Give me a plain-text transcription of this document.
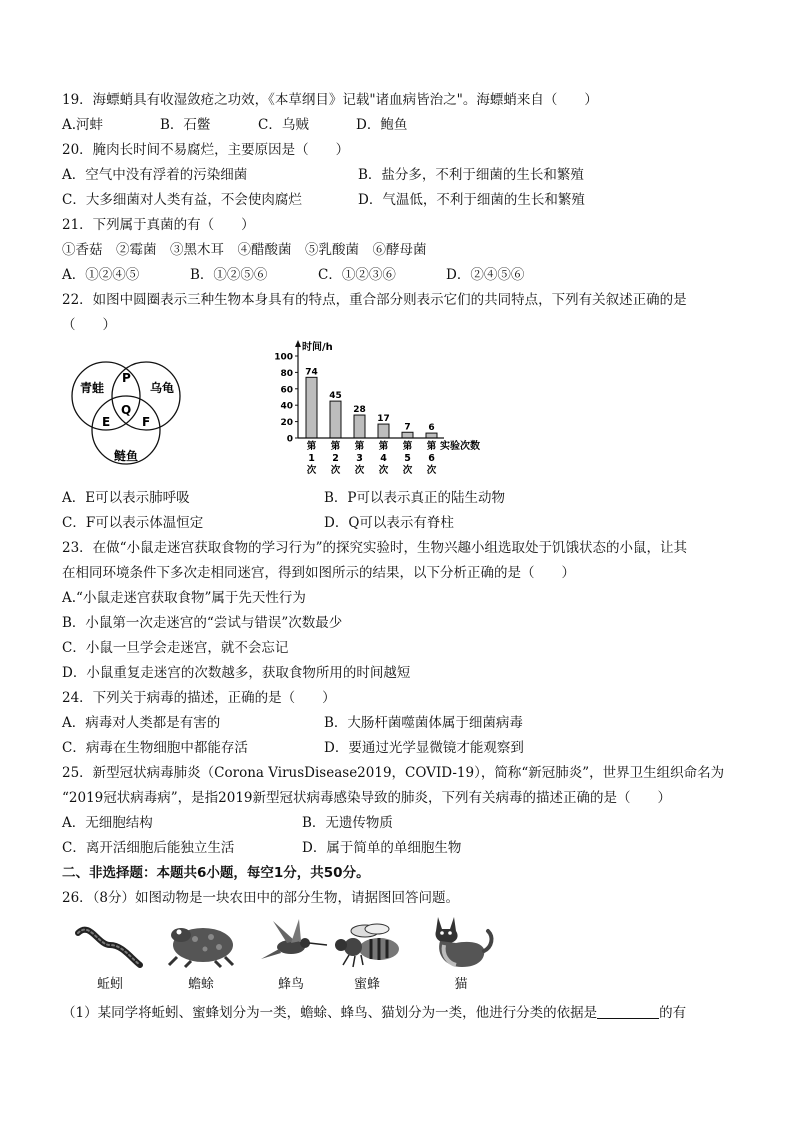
19．海螵蛸具有收湿敛疮之功效，《本草纲目》记载"诸血病皆治之"。海螵蛸来自（　　）
A.河蚌	B．石鳖	C．乌贼	D．鲍鱼
20．腌肉长时间不易腐烂，主要原因是（　　）
A．空气中没有浮着的污染细菌	B．盐分多，不利于细菌的生长和繁殖
C．大多细菌对人类有益，不会使肉腐烂	D．气温低，不利于细菌的生长和繁殖
21．下列属于真菌的有（　　）
①香菇　②霉菌　③黑木耳　④醋酸菌　⑤乳酸菌　⑥酵母菌
A．①②④⑤	B．①②⑤⑥	C．①②③⑥	D．②④⑤⑥
22．如图中圆圈表示三种生物本身具有的特点，重合部分则表示它们的共同特点，下列有关叙述正确的是
（　　）
青蛙	乌龟
鲢鱼
P
Q
E	F
74
第 1 次
45
第 2 次
28
第 3 次
17
第 4 次
7
第 5 次
6
第 6 次
时间/h
实验次数
0
20
40
60
80
100
A．E可以表示肺呼吸	B．P可以表示真正的陆生动物
C．F可以表示体温恒定	D．Q可以表示有脊柱
23．在做“小鼠走迷宫获取食物的学习行为”的探究实验时，生物兴趣小组选取处于饥饿状态的小鼠，让其
在相同环境条件下多次走相同迷宫，得到如图所示的结果，以下分析正确的是（　　）
A.“小鼠走迷宫获取食物”属于先天性行为
B．小鼠第一次走迷宫的“尝试与错误”次数最少
C．小鼠一旦学会走迷宫，就不会忘记
D．小鼠重复走迷宫的次数越多，获取食物所用的时间越短
24．下列关于病毒的描述，正确的是（　　）
A．病毒对人类都是有害的	B．大肠杆菌噬菌体属于细菌病毒
C．病毒在生物细胞中都能存活	D．要通过光学显微镜才能观察到
25．新型冠状病毒肺炎（Corona VirusDisease2019，COVID-19），简称“新冠肺炎”，世界卫生组织命名为
“2019冠状病毒病”，是指2019新型冠状病毒感染导致的肺炎，下列有关病毒的描述正确的是（　　）
A．无细胞结构	B．无遗传物质
C．离开活细胞后能独立生活	D．属于简单的单细胞生物
二、非选择题：本题共6小题，每空1分，共50分。
26．（8分）如图动物是一块农田中的部分生物，请据图回答问题。
蚯蚓	蟾蜍	蜂鸟	蜜蜂	猫
（1）某同学将蚯蚓、蜜蜂划分为一类，蟾蜍、蜂鸟、猫划分为一类，他进行分类的依据是	的有
